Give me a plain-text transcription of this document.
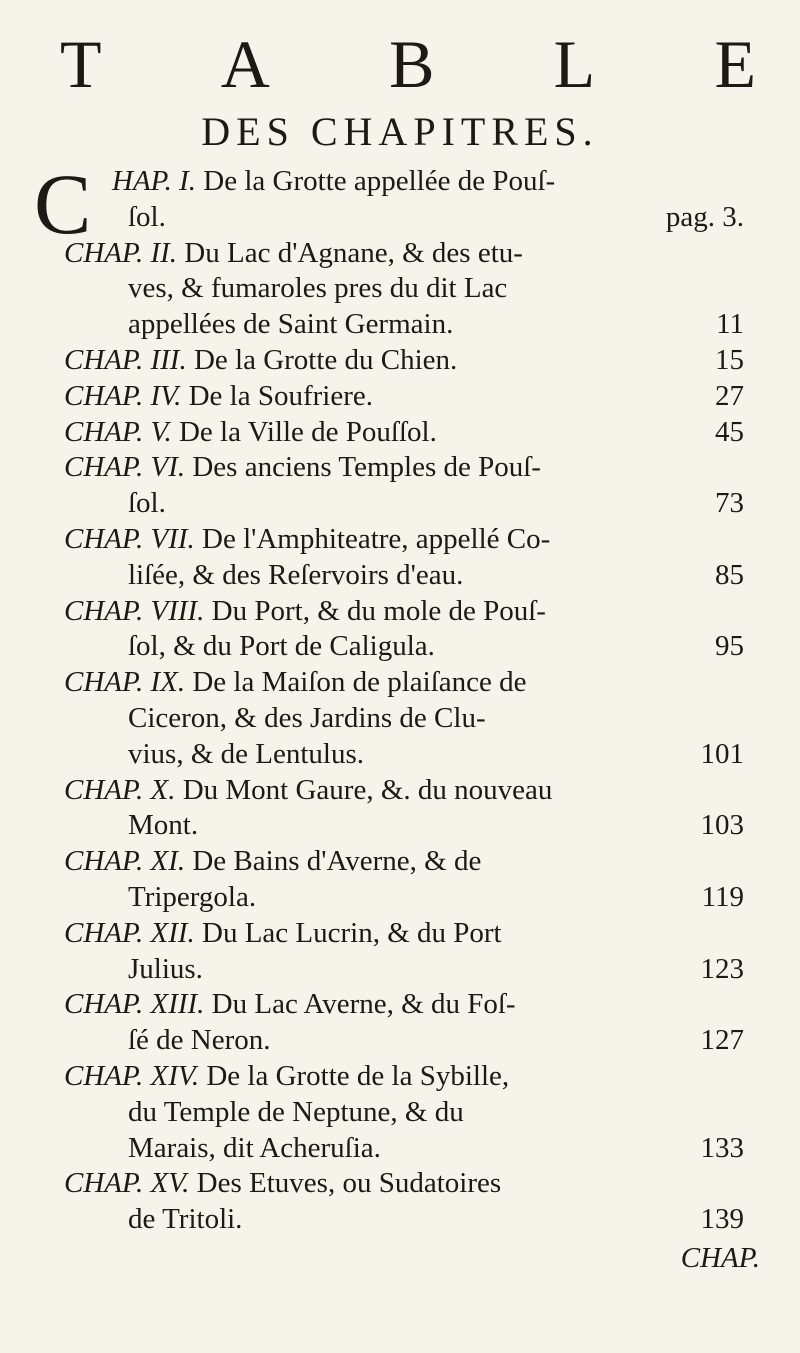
T A B L E
DES CHAPITRES.
C HAP. I. De la Grotte appellée de Pouſ-
ſol.	pag. 3.
CHAP. II. Du Lac d'Agnane, & des etu-
ves, & fumaroles pres du dit Lac
appellées de Saint Germain.	11
CHAP. III. De la Grotte du Chien.	15
CHAP. IV. De la Soufriere.	27
CHAP. V. De la Ville de Pouſſol.	45
CHAP. VI. Des anciens Temples de Pouſ-
ſol.	73
CHAP. VII. De l'Amphiteatre, appellé Co-
liſée, & des Reſervoirs d'eau.	85
CHAP. VIII. Du Port, & du mole de Pouſ-
ſol, & du Port de Caligula.	95
CHAP. IX. De la Maiſon de plaiſance de
Ciceron, & des Jardins de Clu-
vius, & de Lentulus.	101
CHAP. X. Du Mont Gaure, &. du nouveau
Mont.	103
CHAP. XI. De Bains d'Averne, & de
Tripergola.	119
CHAP. XII. Du Lac Lucrin, & du Port
Julius.	123
CHAP. XIII. Du Lac Averne, & du Foſ-
ſé de Neron.	127
CHAP. XIV. De la Grotte de la Sybille,
du Temple de Neptune, & du
Marais, dit Acheruſia.	133
CHAP. XV. Des Etuves, ou Sudatoires
de Tritoli.	139
CHAP.
